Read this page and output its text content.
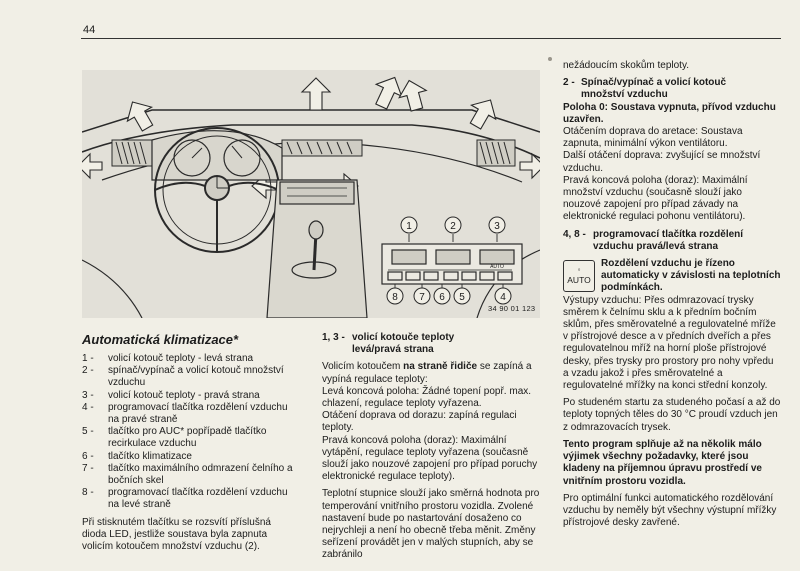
44
1	2	3
8 7 6 5	4
AUTO
34 90 01 123
Automatická klimatizace*
1 -	volicí kotouč teploty - levá strana
2 -	spínač/vypínač a volicí kotouč množství vzduchu
3 -	volicí kotouč teploty - pravá strana
4 -	programovací tlačítka rozdělení vzduchu na pravé straně
5 -	tlačítko pro AUC* popřípadě tlačítko recirkulace vzduchu
6 -	tlačítko klimatizace
7 -	tlačítko maximálního odmrazení čelního a bočních skel
8 -	programovací tlačítka rozdělení vzduchu na levé straně

Při stisknutém tlačítku se rozsvítí příslušná dioda LED, jestliže soustava byla zapnuta volicím kotoučem množství vzduchu (2).

1, 3 - volicí kotouče teploty
levá/pravá strana

Volicím kotoučem na straně řidiče se zapíná a vypíná regulace teploty:

Levá koncová poloha: Žádné topení popř. max. chlazení, regulace teploty vyřazena.

Otáčení doprava od dorazu: zapíná regulaci teploty.

Pravá koncová poloha (doraz): Maximální vytápění, regulace teploty vyřazena (současně slouží jako nouzové zapojení pro případ poruchy elektronické regulace teploty).

Teplotní stupnice slouží jako směrná hodnota pro temperování vnitřního prostoru vozidla. Zvolené nastavení bude po nastartování dosaženo co nejrychleji a není ho obecně třeba měnit. Změny seřízení provádět jen v malých stupních, aby se zabránilo

nežádoucím skokům teploty.

2 - Spínač/vypínač a volicí kotouč
množství vzduchu

Poloha 0: Soustava vypnuta, přívod vzduchu uzavřen.

Otáčením doprava do aretace: Soustava zapnuta, minimální výkon ventilátoru.

Další otáčení doprava: zvyšující se množství vzduchu.

Pravá koncová poloha (doraz): Maximální množství vzduchu (současně slouží jako nouzové zapojení pro případ závady na elektronické regulaci pohonu ventilátoru).

4, 8 - programovací tlačítka rozdělení
vzduchu pravá/levá strana
◦
AUTO

Rozdělení vzduchu je řízeno automaticky v závislosti na teplotních podmínkách.

Výstupy vzduchu: Přes odmrazovací trysky směrem k čelnímu sklu a k předním bočním sklům, přes směrovatelné a regulovatelné mříže v přístrojové desce a v předních dveřích a přes regulovatelnou mříž na horní ploše přístrojové desky, přes trysky pro prostory pro nohy vpředu a vzadu jakož i přes směrovatelné a regulovatelné mřížky na konci střední konzoly.

Po studeném startu za studeného počasí a až do teploty topných těles do 30 °C proudí vzduch jen z odmrazovacích trysek.

Tento program splňuje až na několik málo výjimek všechny požadavky, které jsou kladeny na příjemnou úpravu prostředí ve vnitřním prostoru vozidla.

Pro optimální funkci automatického rozdělování vzduchu by neměly být všechny výstupní mřížky přístrojové desky zavřené.
